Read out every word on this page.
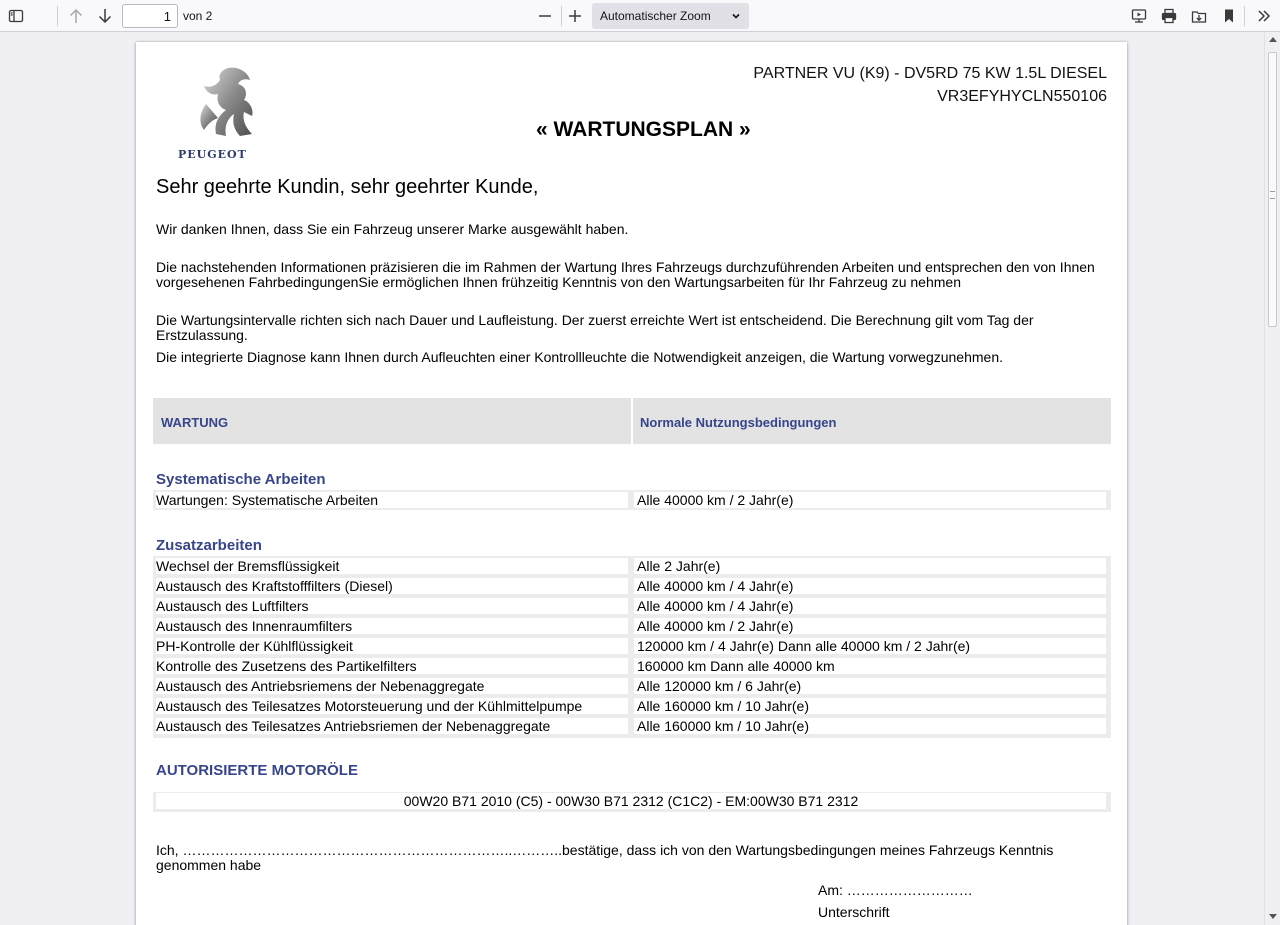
1
von 2	Automatischer Zoom
PEUGEOT
PARTNER VU (K9) - DV5RD 75 KW 1.5L DIESEL
VR3EFYHYCLN550106
« WARTUNGSPLAN »
Sehr geehrte Kundin, sehr geehrter Kunde,
Wir danken Ihnen, dass Sie ein Fahrzeug unserer Marke ausgewählt haben.
Die nachstehenden Informationen präzisieren die im Rahmen der Wartung Ihres Fahrzeugs durchzuführenden Arbeiten und entsprechen den von Ihnen vorgesehenen FahrbedingungenSie ermöglichen Ihnen frühzeitig Kenntnis von den Wartungsarbeiten für Ihr Fahrzeug zu nehmen
Die Wartungsintervalle richten sich nach Dauer und Laufleistung. Der zuerst erreichte Wert ist entscheidend. Die Berechnung gilt vom Tag der Erstzulassung.
Die integrierte Diagnose kann Ihnen durch Aufleuchten einer Kontrollleuchte die Notwendigkeit anzeigen, die Wartung vorwegzunehmen.
WARTUNG	Normale Nutzungsbedingungen
Systematische Arbeiten
Wartungen: Systematische Arbeiten	Alle 40000 km / 2 Jahr(e)
Zusatzarbeiten
Wechsel der Bremsflüssigkeit	Alle 2 Jahr(e)
Austausch des Kraftstofffilters (Diesel)	Alle 40000 km / 4 Jahr(e)
Austausch des Luftfilters	Alle 40000 km / 4 Jahr(e)
Austausch des Innenraumfilters	Alle 40000 km / 2 Jahr(e)
PH-Kontrolle der Kühlflüssigkeit	120000 km / 4 Jahr(e) Dann alle 40000 km / 2 Jahr(e)
Kontrolle des Zusetzens des Partikelfilters	160000 km Dann alle 40000 km
Austausch des Antriebsriemens der Nebenaggregate	Alle 120000 km / 6 Jahr(e)
Austausch des Teilesatzes Motorsteuerung und der Kühlmittelpumpe	Alle 160000 km / 10 Jahr(e)
Austausch des Teilesatzes Antriebsriemen der Nebenaggregate	Alle 160000 km / 10 Jahr(e)
AUTORISIERTE MOTORÖLE
00W20 B71 2010 (C5) - 00W30 B71 2312 (C1C2) - EM:00W30 B71 2312
Ich, ……………………………………………………………..………..bestätige, dass ich von den Wartungsbedingungen meines Fahrzeugs Kenntnis genommen habe
Am: ………………………
Unterschrift
